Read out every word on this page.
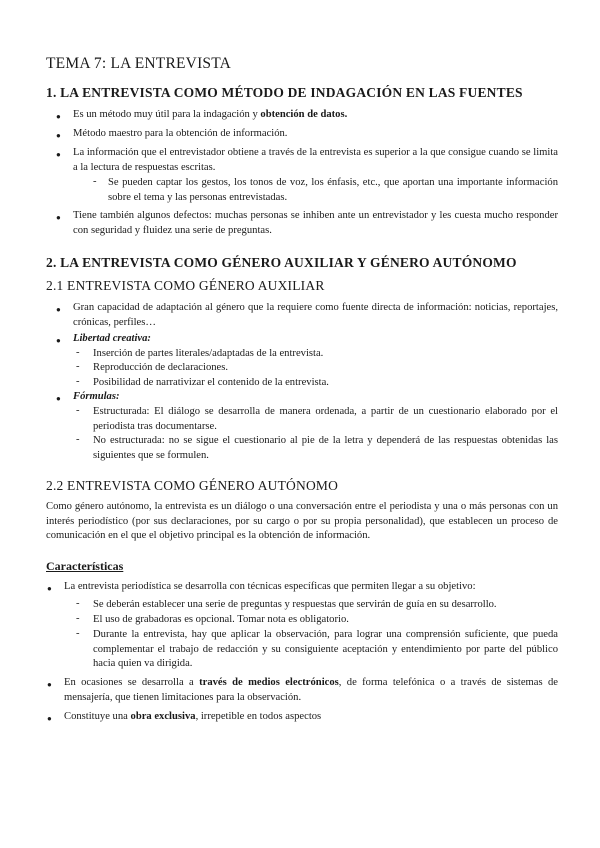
TEMA 7: LA ENTREVISTA
1. LA ENTREVISTA COMO MÉTODO DE INDAGACIÓN EN LAS FUENTES
● Es un método muy útil para la indagación y obtención de datos.
● Método maestro para la obtención de información.
● La información que el entrevistador obtiene a través de la entrevista es superior a la que consigue cuando se limita a la lectura de respuestas escritas.
- Se pueden captar los gestos, los tonos de voz, los énfasis, etc., que aportan una importante información sobre el tema y las personas entrevistadas.
● Tiene también algunos defectos: muchas personas se inhiben ante un entrevistador y les cuesta mucho responder con seguridad y fluidez una serie de preguntas.
2. LA ENTREVISTA COMO GÉNERO AUXILIAR Y GÉNERO AUTÓNOMO
2.1 ENTREVISTA COMO GÉNERO AUXILIAR
● Gran capacidad de adaptación al género que la requiere como fuente directa de información: noticias, reportajes, crónicas, perfiles…
● Libertad creativa:
- Inserción de partes literales/adaptadas de la entrevista.
- Reproducción de declaraciones.
- Posibilidad de narrativizar el contenido de la entrevista.
● Fórmulas:
- Estructurada: El diálogo se desarrolla de manera ordenada, a partir de un cuestionario elaborado por el periodista tras documentarse.
- No estructurada: no se sigue el cuestionario al pie de la letra y dependerá de las respuestas obtenidas las siguientes que se formulen.
2.2 ENTREVISTA COMO GÉNERO AUTÓNOMO
Como género autónomo, la entrevista es un diálogo o una conversación entre el periodista y una o más personas con un interés periodístico (por sus declaraciones, por su cargo o por su propia personalidad), que establecen un proceso de comunicación en el que el objetivo principal es la obtención de información.
Características
● La entrevista periodística se desarrolla con técnicas específicas que permiten llegar a su objetivo:
- Se deberán establecer una serie de preguntas y respuestas que servirán de guía en su desarrollo.
- El uso de grabadoras es opcional. Tomar nota es obligatorio.
- Durante la entrevista, hay que aplicar la observación, para lograr una comprensión suficiente, que pueda complementar el trabajo de redacción y su consiguiente aceptación y entendimiento por parte del público hacia quien va dirigida.
● En ocasiones se desarrolla a través de medios electrónicos, de forma telefónica o a través de sistemas de mensajería, que tienen limitaciones para la observación.
● Constituye una obra exclusiva, irrepetible en todos aspectos
